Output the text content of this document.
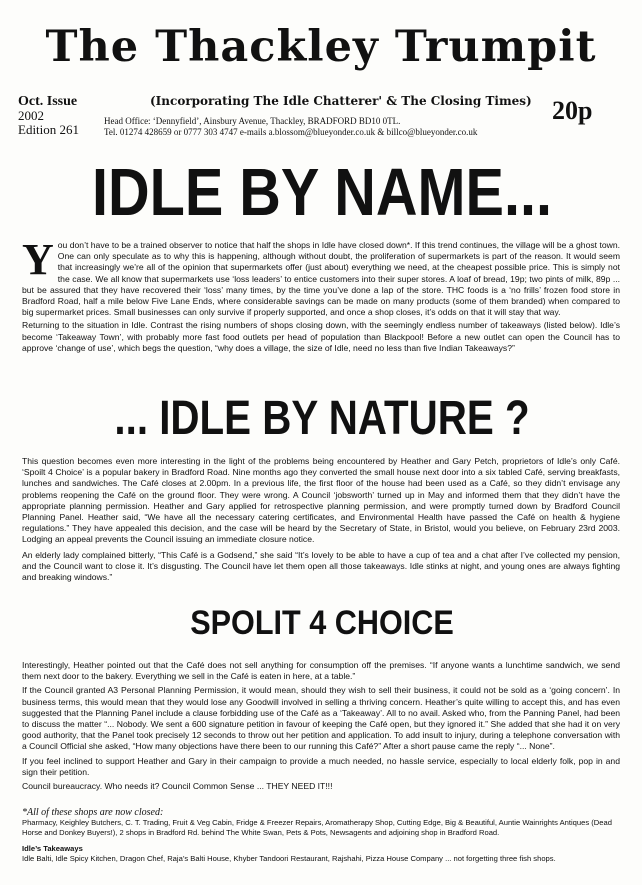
The Thackley Trumpit
Oct. Issue
2002
Edition 261
(Incorporating The Idle Chatterer' & The Closing Times) 20p
Head Office: ‘Dennyfield’, Ainsbury Avenue, Thackley, BRADFORD BD10 0TL.
Tel. 01274 428659 or 0777 303 4747 e-mails a.blossom@blueyonder.co.uk & billco@blueyonder.co.uk
IDLE BY NAME...
Y ou don’t have to be a trained observer to notice that half the shops in Idle have closed down*. If this trend continues, the village will be a ghost town. One can only speculate as to why this is happening, although without doubt, the proliferation of supermarkets is part of the reason. It would seem that increasingly we’re all of the opinion that supermarkets offer (just about) everything we need, at the cheapest possible price. This is simply not the case. We all know that supermarkets use ‘loss leaders’ to entice customers into their super stores. A loaf of bread, 19p; two pints of milk, 89p ... but be assured that they have recovered their ‘loss’ many times, by the time you’ve done a lap of the store. THC foods is a ‘no frills’ frozen food store in Bradford Road, half a mile below Five Lane Ends, where considerable savings can be made on many products (some of them branded) when compared to big supermarket prices. Small businesses can only survive if properly supported, and once a shop closes, it’s odds on that it will stay that way.
Returning to the situation in Idle. Contrast the rising numbers of shops closing down, with the seemingly endless number of takeaways (listed below). Idle’s become ‘Takeaway Town’, with probably more fast food outlets per head of population than Blackpool! Before a new outlet can open the Council has to approve ‘change of use’, which begs the question, “why does a village, the size of Idle, need no less than five Indian Takeaways?”
... IDLE BY NATURE ?
This question becomes even more interesting in the light of the problems being encountered by Heather and Gary Petch, proprietors of Idle’s only Café. ‘Spoilt 4 Choice’ is a popular bakery in Bradford Road. Nine months ago they converted the small house next door into a six tabled Café, serving breakfasts, lunches and sandwiches. The Café closes at 2.00pm. In a previous life, the first floor of the house had been used as a Café, so they didn’t envisage any problems reopening the Café on the ground floor. They were wrong. A Council ‘jobsworth’ turned up in May and informed them that they didn’t have the appropriate planning permission. Heather and Gary applied for retrospective planning permission, and were promptly turned down by Bradford Council Planning Panel. Heather said, “We have all the necessary catering certificates, and Environmental Health have passed the Café on health & hygiene regulations.” They have appealed this decision, and the case will be heard by the Secretary of State, in Bristol, would you believe, on February 23rd 2003. Lodging an appeal prevents the Council issuing an immediate closure notice.
An elderly lady complained bitterly, “This Café is a Godsend,” she said “It’s lovely to be able to have a cup of tea and a chat after I’ve collected my pension, and the Council want to close it. It’s disgusting. The Council have let them open all those takeaways. Idle stinks at night, and young ones are always fighting and breaking windows.”
SPOLIT 4 CHOICE
Interestingly, Heather pointed out that the Café does not sell anything for consumption off the premises. “If anyone wants a lunchtime sandwich, we send them next door to the bakery. Everything we sell in the Café is eaten in here, at a table.”
If the Council granted A3 Personal Planning Permission, it would mean, should they wish to sell their business, it could not be sold as a ‘going concern’. In business terms, this would mean that they would lose any Goodwill involved in selling a thriving concern. Heather’s quite willing to accept this, and has even suggested that the Planning Panel include a clause forbidding use of the Café as a ‘Takeaway’. All to no avail. Asked who, from the Panning Panel, had been to discuss the matter “... Nobody. We sent a 600 signature petition in favour of keeping the Café open, but they ignored it.” She added that she had it on very good authority, that the Panel took precisely 12 seconds to throw out her petition and application. To add insult to injury, during a telephone conversation with a Council Official she asked, “How many objections have there been to our running this Café?” After a short pause came the reply “... None”.
If you feel inclined to support Heather and Gary in their campaign to provide a much needed, no hassle service, especially to local elderly folk, pop in and sign their petition.
Council bureaucracy. Who needs it? Council Common Sense ... THEY NEED IT!!!
*All of these shops are now closed:
Pharmacy, Keighley Butchers, C. T. Trading, Fruit & Veg Cabin, Fridge & Freezer Repairs, Aromatherapy Shop, Cutting Edge, Big & Beautiful, Auntie Wainrights Antiques (Dead Horse and Donkey Buyers!), 2 shops in Bradford Rd. behind The White Swan, Pets & Pots, Newsagents and adjoining shop in Bradford Road.
Idle’s Takeaways
Idle Balti, Idle Spicy Kitchen, Dragon Chef, Raja’s Balti House, Khyber Tandoori Restaurant, Rajshahi, Pizza House Company ... not forgetting three fish shops.
